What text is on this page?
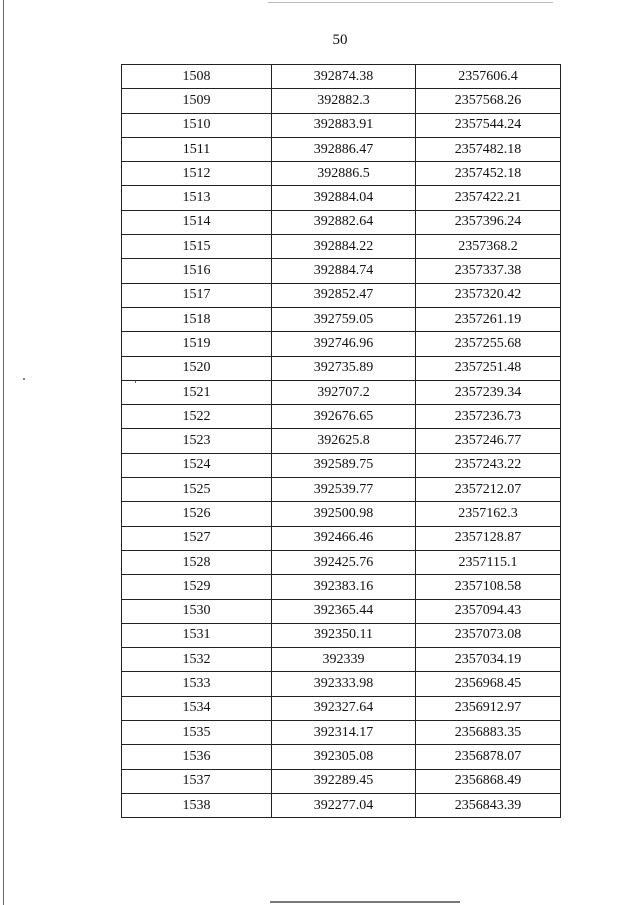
50
1508	392874.38	2357606.4
1509	392882.3	2357568.26
1510	392883.91	2357544.24
1511	392886.47	2357482.18
1512	392886.5	2357452.18
1513	392884.04	2357422.21
1514	392882.64	2357396.24
1515	392884.22	2357368.2
1516	392884.74	2357337.38
1517	392852.47	2357320.42
1518	392759.05	2357261.19
1519	392746.96	2357255.68
1520	392735.89	2357251.48
1521	392707.2	2357239.34
1522	392676.65	2357236.73
1523	392625.8	2357246.77
1524	392589.75	2357243.22
1525	392539.77	2357212.07
1526	392500.98	2357162.3
1527	392466.46	2357128.87
1528	392425.76	2357115.1
1529	392383.16	2357108.58
1530	392365.44	2357094.43
1531	392350.11	2357073.08
1532	392339	2357034.19
1533	392333.98	2356968.45
1534	392327.64	2356912.97
1535	392314.17	2356883.35
1536	392305.08	2356878.07
1537	392289.45	2356868.49
1538	392277.04	2356843.39
